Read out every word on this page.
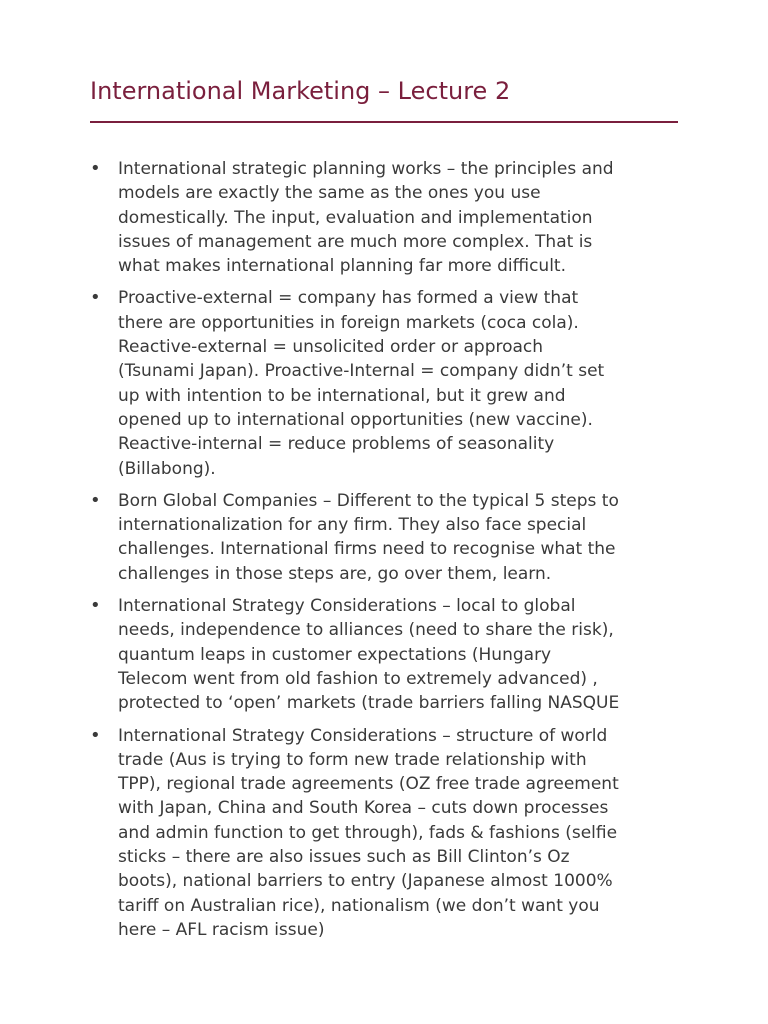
International Marketing – Lecture 2
• International strategic planning works – the principles and
models are exactly the same as the ones you use
domestically. The input, evaluation and implementation
issues of management are much more complex. That is
what makes international planning far more difficult.

• Proactive-external = company has formed a view that
there are opportunities in foreign markets (coca cola).
Reactive-external = unsolicited order or approach
(Tsunami Japan). Proactive-Internal = company didn’t set
up with intention to be international, but it grew and
opened up to international opportunities (new vaccine).
Reactive-internal = reduce problems of seasonality
(Billabong).

• Born Global Companies – Different to the typical 5 steps to
internationalization for any firm. They also face special
challenges. International firms need to recognise what the
challenges in those steps are, go over them, learn.

• International Strategy Considerations – local to global
needs, independence to alliances (need to share the risk),
quantum leaps in customer expectations (Hungary
Telecom went from old fashion to extremely advanced) ,
protected to ‘open’ markets (trade barriers falling NASQUE

• International Strategy Considerations – structure of world
trade (Aus is trying to form new trade relationship with
TPP), regional trade agreements (OZ free trade agreement
with Japan, China and South Korea – cuts down processes
and admin function to get through), fads & fashions (selfie
sticks – there are also issues such as Bill Clinton’s Oz
boots), national barriers to entry (Japanese almost 1000%
tariff on Australian rice), nationalism (we don’t want you
here – AFL racism issue)
